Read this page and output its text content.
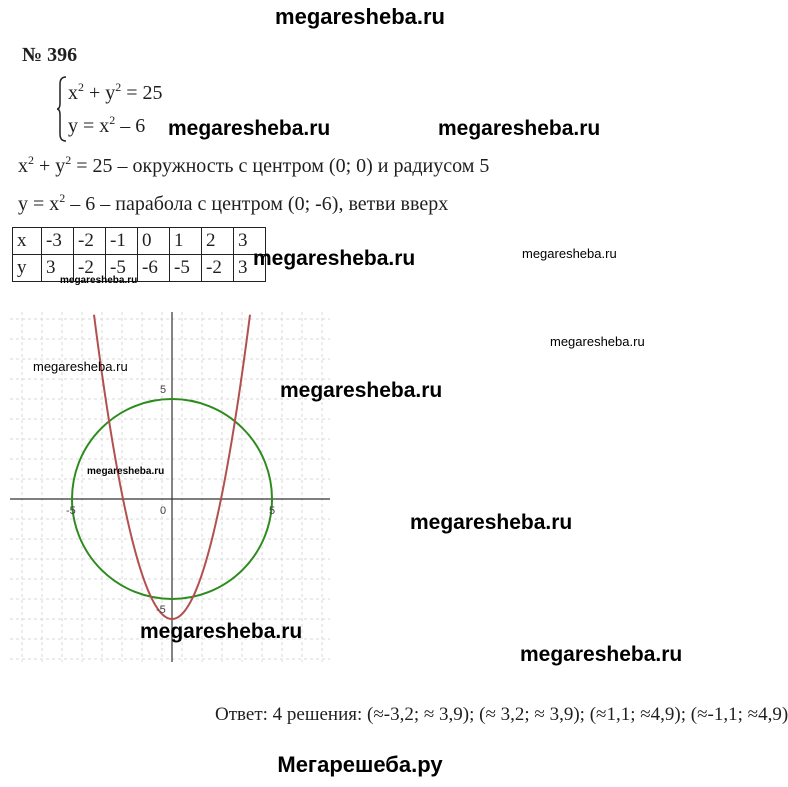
megaresheba.ru
№ 396
$x^2 + y^2 = 25$
$y = x^2 - 6$
$x^2 + y^2 = 25$ – окружность с центром (0; 0) и радиусом 5
$y = x^2 - 6$ – парабола с центром (0; -6), ветви вверх
x	-3	-2	-1	0	1	2	3
y	3	-2	-5	-6	-5	-2	3
-5	0	5
5
-5
Ответ: 4 решения: (≈-3,2; ≈ 3,9); (≈ 3,2; ≈ 3,9); (≈1,1; ≈4,9); (≈-1,1; ≈4,9)
Мегарешеба.ру
megaresheba.ru	megaresheba.ru
megaresheba.ru	megaresheba.ru
megaresheba.ru
megaresheba.ru
megaresheba.ru
megaresheba.ru
megaresheba.ru
megaresheba.ru
megaresheba.ru
megaresheba.ru
